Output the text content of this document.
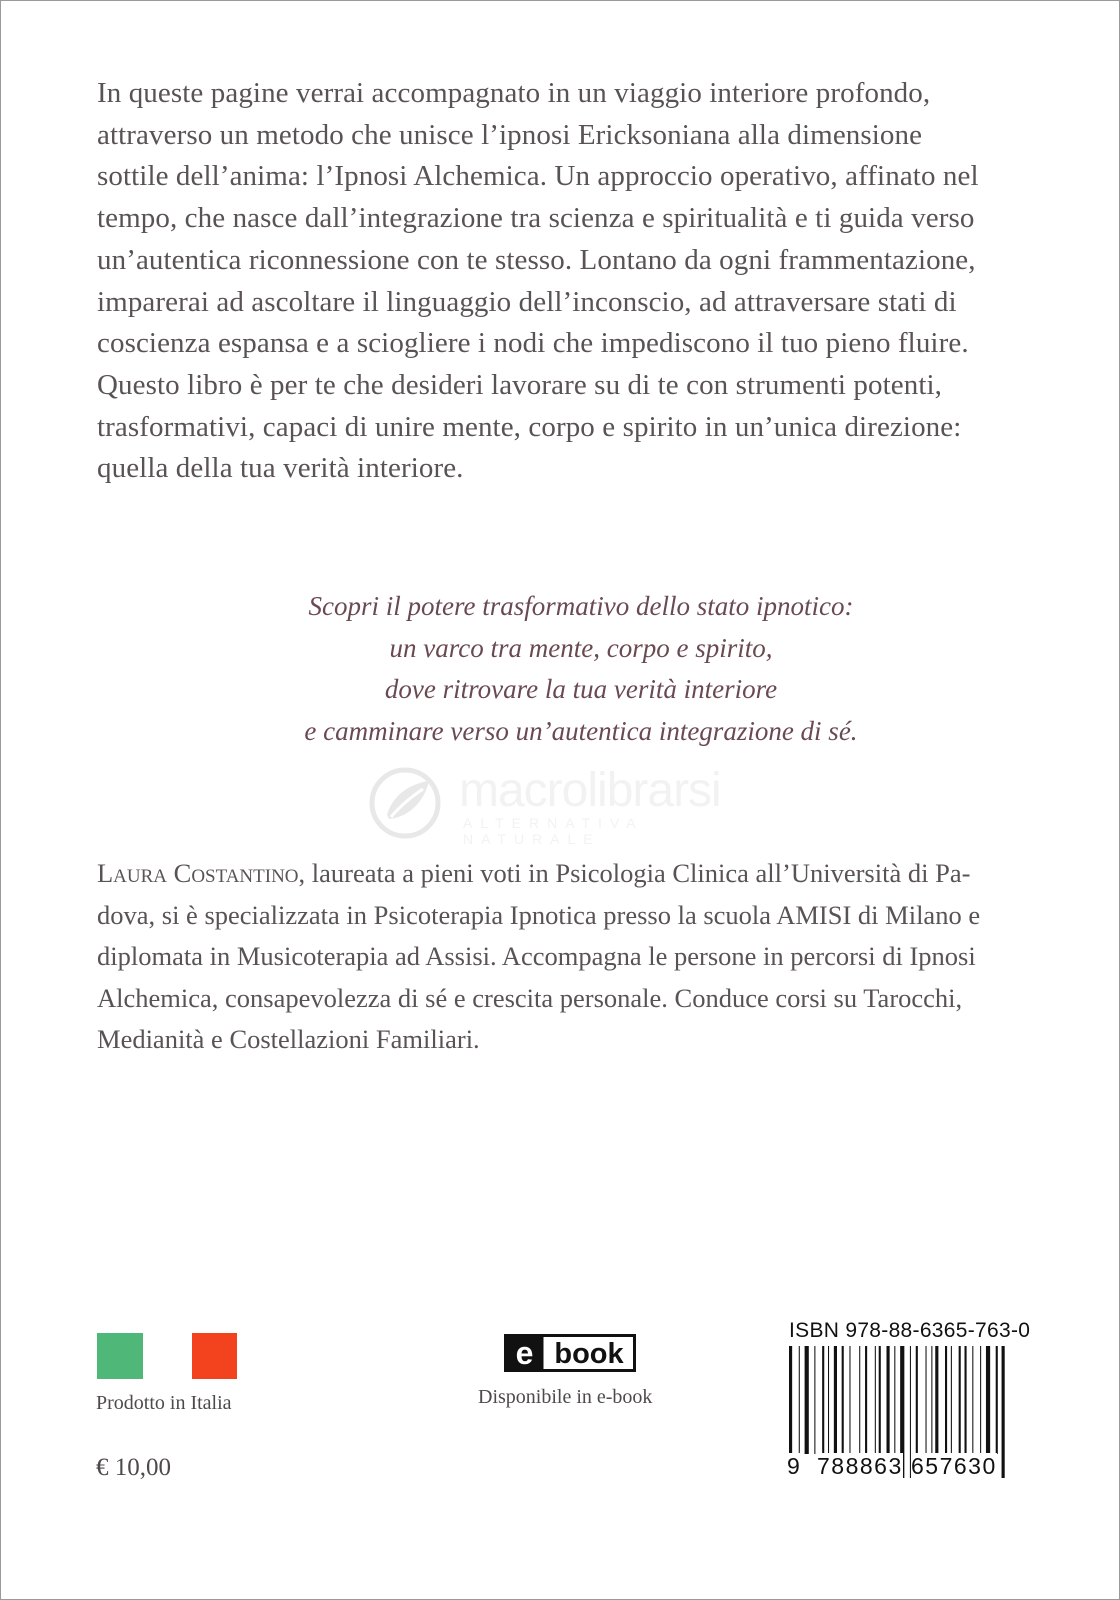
In queste pagine verrai accompagnato in un viaggio interiore profondo,
attraverso un metodo che unisce l’ipnosi Ericksoniana alla dimensione
sottile dell’anima: l’Ipnosi Alchemica. Un approccio operativo, affinato nel
tempo, che nasce dall’integrazione tra scienza e spiritualità e ti guida verso
un’autentica riconnessione con te stesso. Lontano da ogni frammentazione,
imparerai ad ascoltare il linguaggio dell’inconscio, ad attraversare stati di
coscienza espansa e a sciogliere i nodi che impediscono il tuo pieno fluire.
Questo libro è per te che desideri lavorare su di te con strumenti potenti,
trasformativi, capaci di unire mente, corpo e spirito in un’unica direzione:
quella della tua verità interiore.
Scopri il potere trasformativo dello stato ipnotico:
un varco tra mente, corpo e spirito,
dove ritrovare la tua verità interiore
e camminare verso un’autentica integrazione di sé.
macrolibrarsi
ALTERNATIVA NATURALE
Laura Costantino, laureata a pieni voti in Psicologia Clinica all’Università di Pa-
dova, si è specializzata in Psicoterapia Ipnotica presso la scuola AMISI di Milano e
diplomata in Musicoterapia ad Assisi. Accompagna le persone in percorsi di Ipnosi
Alchemica, consapevolezza di sé e crescita personale. Conduce corsi su Tarocchi,
Medianità e Costellazioni Familiari.
Prodotto in Italia
€ 10,00
e book
Disponibile in e-book
ISBN 978-88-6365-763-0
9 788863 657630
